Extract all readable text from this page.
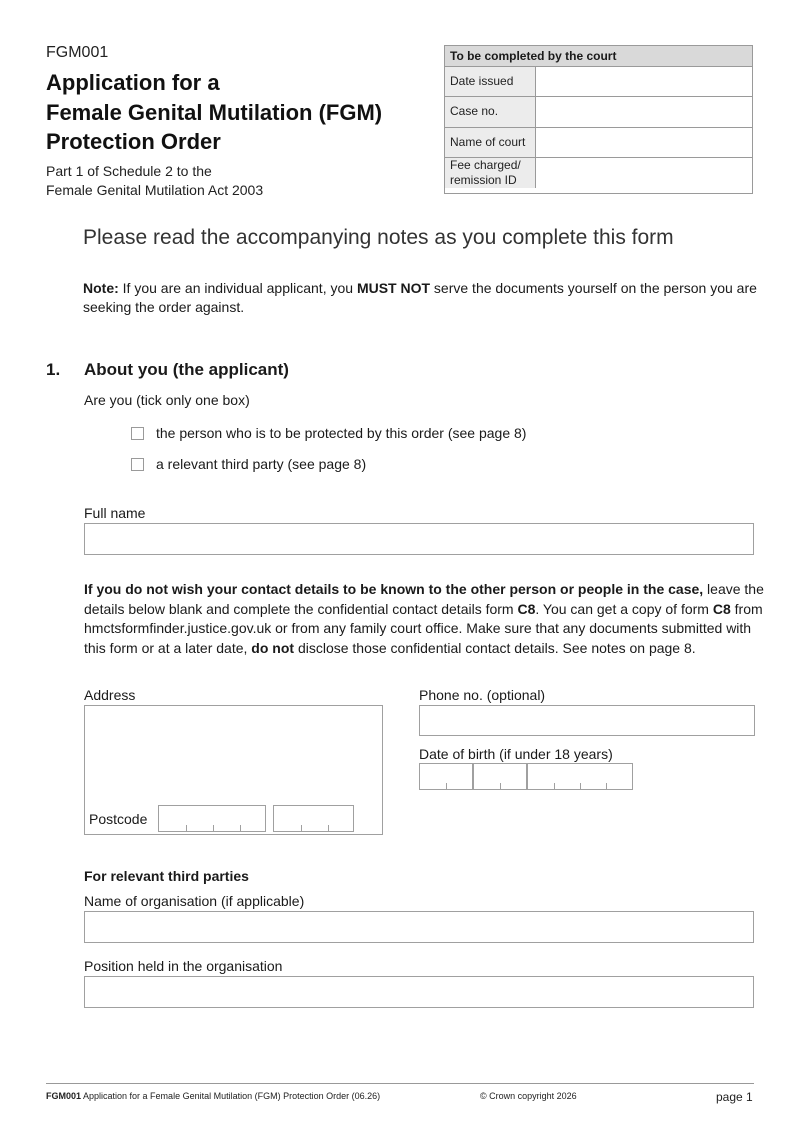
FGM001
Application for a
Female Genital Mutilation (FGM)
Protection Order
Part 1 of Schedule 2 to the
Female Genital Mutilation Act 2003
To be completed by the court
Date issued
Case no.
Name of court
Fee charged/
remission ID
Please read the accompanying notes as you complete this form
Note: If you are an individual applicant, you MUST NOT serve the documents yourself on the person you are seeking the order against.
1. About you (the applicant)
Are you (tick only one box)
the person who is to be protected by this order (see page 8)
a relevant third party (see page 8)
Full name
If you do not wish your contact details to be known to the other person or people in the case, leave the details below blank and complete the confidential contact details form C8. You can get a copy of form C8 from hmctsformfinder.justice.gov.uk or from any family court office. Make sure that any documents submitted with this form or at a later date, do not disclose those confidential contact details. See notes on page 8.
Address
Postcode
Phone no. (optional)
Date of birth (if under 18 years)
For relevant third parties
Name of organisation (if applicable)
Position held in the organisation
FGM001 Application for a Female Genital Mutilation (FGM) Protection Order (06.26)	© Crown copyright 2026	page 1
